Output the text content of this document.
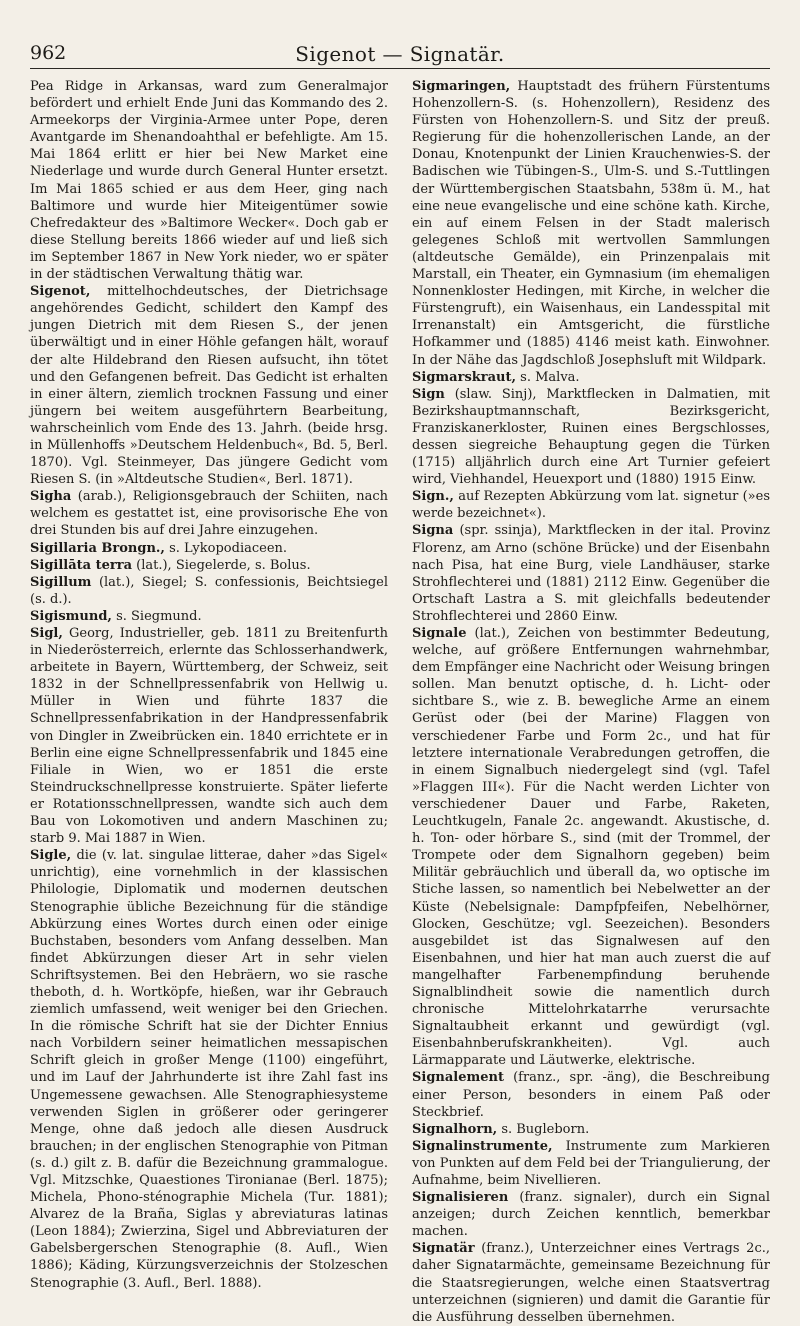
962	Sigenot — Signatär.

Pea Ridge in Arkansas, ward zum Generalmajor befördert und erhielt Ende Juni das Kommando des 2. Armeekorps der Virginia-Armee unter Pope, deren Avantgarde im Shenandoahthal er befehligte. Am 15. Mai 1864 erlitt er hier bei New Market eine Niederlage und wurde durch General Hunter ersetzt. Im Mai 1865 schied er aus dem Heer, ging nach Baltimore und wurde hier Miteigentümer sowie Chefredakteur des »Baltimore Wecker«. Doch gab er diese Stellung bereits 1866 wieder auf und ließ sich im September 1867 in New York nieder, wo er später in der städtischen Verwaltung thätig war.

Sigenot, mittelhochdeutsches, der Dietrichsage angehörendes Gedicht, schildert den Kampf des jungen Dietrich mit dem Riesen S., der jenen überwältigt und in einer Höhle gefangen hält, worauf der alte Hildebrand den Riesen aufsucht, ihn tötet und den Gefangenen befreit. Das Gedicht ist erhalten in einer ältern, ziemlich trocknen Fassung und einer jüngern bei weitem ausgeführtern Bearbeitung, wahrscheinlich vom Ende des 13. Jahrh. (beide hrsg. in Müllenhoffs »Deutschem Heldenbuch«, Bd. 5, Berl. 1870). Vgl. Steinmeyer, Das jüngere Gedicht vom Riesen S. (in »Altdeutsche Studien«, Berl. 1871).

Sigha (arab.), Religionsgebrauch der Schiiten, nach welchem es gestattet ist, eine provisorische Ehe von drei Stunden bis auf drei Jahre einzugehen.

Sigillaria Brongn., s. Lykopodiaceen.

Sigillāta terra (lat.), Siegelerde, s. Bolus.

Sigillum (lat.), Siegel; S. confessionis, Beichtsiegel (s. d.).

Sigismund, s. Siegmund.

Sigl, Georg, Industrieller, geb. 1811 zu Breitenfurth in Niederösterreich, erlernte das Schlosserhandwerk, arbeitete in Bayern, Württemberg, der Schweiz, seit 1832 in der Schnellpressenfabrik von Hellwig u. Müller in Wien und führte 1837 die Schnellpressenfabrikation in der Handpressenfabrik von Dingler in Zweibrücken ein. 1840 errichtete er in Berlin eine eigne Schnellpressenfabrik und 1845 eine Filiale in Wien, wo er 1851 die erste Steindruckschnellpresse konstruierte. Später lieferte er Rotationsschnellpressen, wandte sich auch dem Bau von Lokomotiven und andern Maschinen zu; starb 9. Mai 1887 in Wien.

Sigle, die (v. lat. singulae litterae, daher »das Sigel« unrichtig), eine vornehmlich in der klassischen Philologie, Diplomatik und modernen deutschen Stenographie übliche Bezeichnung für die ständige Abkürzung eines Wortes durch einen oder einige Buchstaben, besonders vom Anfang desselben. Man findet Abkürzungen dieser Art in sehr vielen Schriftsystemen. Bei den Hebräern, wo sie rasche theboth, d. h. Wortköpfe, hießen, war ihr Gebrauch ziemlich umfassend, weit weniger bei den Griechen. In die römische Schrift hat sie der Dichter Ennius nach Vorbildern seiner heimatlichen messapischen Schrift gleich in großer Menge (1100) eingeführt, und im Lauf der Jahrhunderte ist ihre Zahl fast ins Ungemessene gewachsen. Alle Stenographiesysteme verwenden Siglen in größerer oder geringerer Menge, ohne daß jedoch alle diesen Ausdruck brauchen; in der englischen Stenographie von Pitman (s. d.) gilt z. B. dafür die Bezeichnung grammalogue. Vgl. Mitzschke, Quaestiones Tironianae (Berl. 1875); Michela, Phono-sténographie Michela (Tur. 1881); Alvarez de la Braña, Siglas y abreviaturas latinas (Leon 1884); Zwierzina, Sigel und Abbreviaturen der Gabelsbergerschen Stenographie (8. Aufl., Wien 1886); Käding, Kürzungsverzeichnis der Stolzeschen Stenographie (3. Aufl., Berl. 1888).

Sigmaringen, Hauptstadt des frühern Fürstentums Hohenzollern-S. (s. Hohenzollern), Residenz des Fürsten von Hohenzollern-S. und Sitz der preuß. Regierung für die hohenzollerischen Lande, an der Donau, Knotenpunkt der Linien Krauchenwies-S. der Badischen wie Tübingen-S., Ulm-S. und S.-Tuttlingen der Württembergischen Staatsbahn, 538m ü. M., hat eine neue evangelische und eine schöne kath. Kirche, ein auf einem Felsen in der Stadt malerisch gelegenes Schloß mit wertvollen Sammlungen (altdeutsche Gemälde), ein Prinzenpalais mit Marstall, ein Theater, ein Gymnasium (im ehemaligen Nonnenkloster Hedingen, mit Kirche, in welcher die Fürstengruft), ein Waisenhaus, ein Landesspital mit Irrenanstalt) ein Amtsgericht, die fürstliche Hofkammer und (1885) 4146 meist kath. Einwohner. In der Nähe das Jagdschloß Josephsluft mit Wildpark.

Sigmarskraut, s. Malva.

Sign (slaw. Sinj), Marktflecken in Dalmatien, mit Bezirkshauptmannschaft, Bezirksgericht, Franziskanerkloster, Ruinen eines Bergschlosses, dessen siegreiche Behauptung gegen die Türken (1715) alljährlich durch eine Art Turnier gefeiert wird, Viehhandel, Heuexport und (1880) 1915 Einw.

Sign., auf Rezepten Abkürzung vom lat. signetur (»es werde bezeichnet«).

Signa (spr. ssinja), Marktflecken in der ital. Provinz Florenz, am Arno (schöne Brücke) und der Eisenbahn nach Pisa, hat eine Burg, viele Landhäuser, starke Strohflechterei und (1881) 2112 Einw. Gegenüber die Ortschaft Lastra a S. mit gleichfalls bedeutender Strohflechterei und 2860 Einw.

Signale (lat.), Zeichen von bestimmter Bedeutung, welche, auf größere Entfernungen wahrnehmbar, dem Empfänger eine Nachricht oder Weisung bringen sollen. Man benutzt optische, d. h. Licht- oder sichtbare S., wie z. B. bewegliche Arme an einem Gerüst oder (bei der Marine) Flaggen von verschiedener Farbe und Form 2c., und hat für letztere internationale Verabredungen getroffen, die in einem Signalbuch niedergelegt sind (vgl. Tafel »Flaggen III«). Für die Nacht werden Lichter von verschiedener Dauer und Farbe, Raketen, Leuchtkugeln, Fanale 2c. angewandt. Akustische, d. h. Ton- oder hörbare S., sind (mit der Trommel, der Trompete oder dem Signalhorn gegeben) beim Militär gebräuchlich und überall da, wo optische im Stiche lassen, so namentlich bei Nebelwetter an der Küste (Nebelsignale: Dampfpfeifen, Nebelhörner, Glocken, Geschütze; vgl. Seezeichen). Besonders ausgebildet ist das Signalwesen auf den Eisenbahnen, und hier hat man auch zuerst die auf mangelhafter Farbenempfindung beruhende Signalblindheit sowie die namentlich durch chronische Mittelohrkatarrhe verursachte Signaltaubheit erkannt und gewürdigt (vgl. Eisenbahnberufskrankheiten). Vgl. auch Lärmapparate und Läutwerke, elektrische.

Signalement (franz., spr. -äng), die Beschreibung einer Person, besonders in einem Paß oder Steckbrief.

Signalhorn, s. Bugleborn.

Signalinstrumente, Instrumente zum Markieren von Punkten auf dem Feld bei der Triangulierung, der Aufnahme, beim Nivellieren.

Signalisieren (franz. signaler), durch ein Signal anzeigen; durch Zeichen kenntlich, bemerkbar machen.

Signatär (franz.), Unterzeichner eines Vertrags 2c., daher Signatarmächte, gemeinsame Bezeichnung für die Staatsregierungen, welche einen Staatsvertrag unterzeichnen (signieren) und damit die Garantie für die Ausführung desselben übernehmen.
